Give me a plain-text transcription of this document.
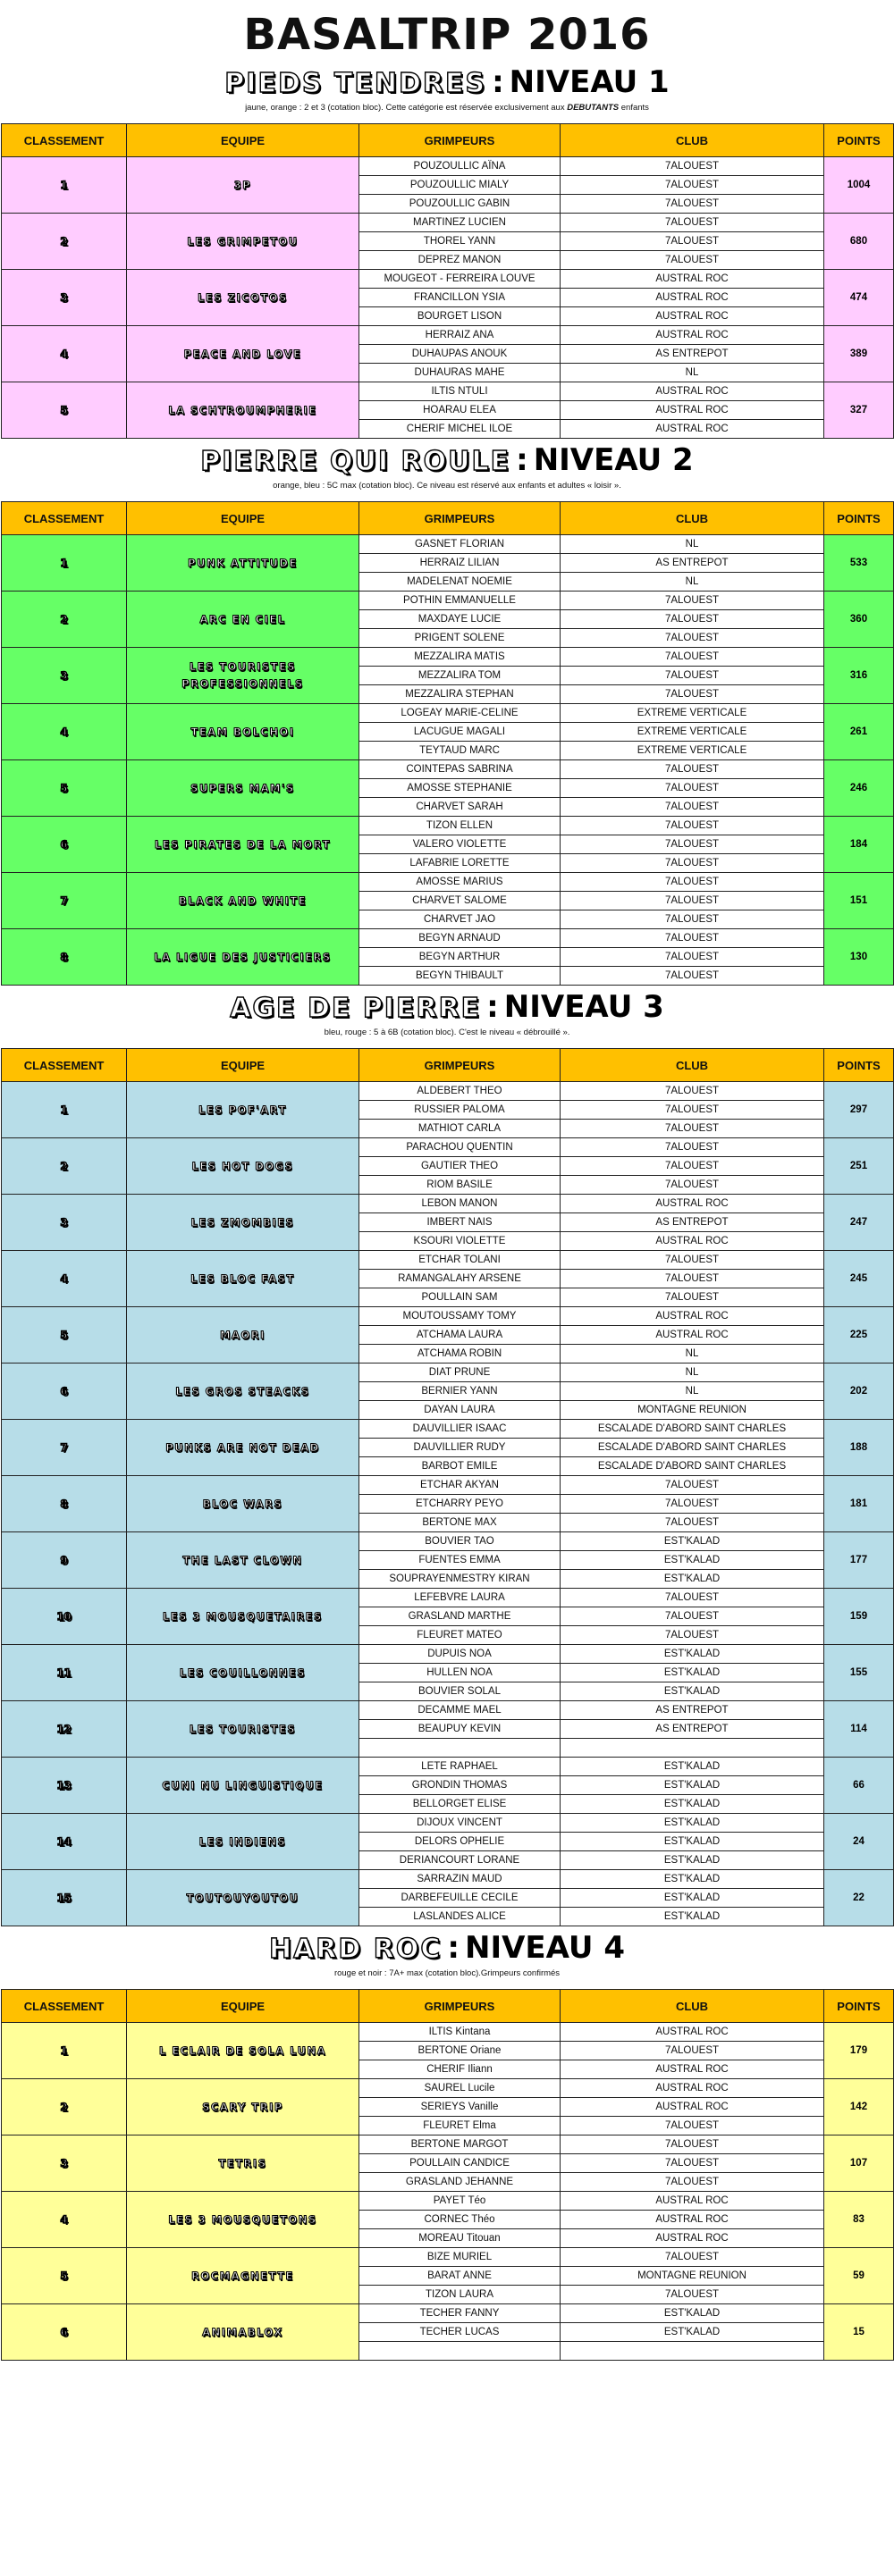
BASALTRIP 2016
PIEDS TENDRES : NIVEAU 1
jaune, orange : 2 et 3 (cotation bloc). Cette catégorie est réservée exclusivement aux DEBUTANTS enfants
CLASSEMENT	EQUIPE	GRIMPEURS	CLUB	POINTS
1	3P	POUZOULLIC AÏNA	7ALOUEST	1004
		POUZOULLIC MIALY	7ALOUEST	
		POUZOULLIC GABIN	7ALOUEST	
2	LES GRIMPETOU	MARTINEZ LUCIEN	7ALOUEST	680
		THOREL YANN	7ALOUEST	
		DEPREZ MANON	7ALOUEST	
3	LES ZICOTOS	MOUGEOT - FERREIRA LOUVE	AUSTRAL ROC	474
		FRANCILLON YSIA	AUSTRAL ROC	
		BOURGET LISON	AUSTRAL ROC	
4	PEACE AND LOVE	HERRAIZ ANA	AUSTRAL ROC	389
		DUHAUPAS ANOUK	AS ENTREPOT	
		DUHAURAS MAHE	NL	
5	LA SCHTROUMPHERIE	ILTIS NTULI	AUSTRAL ROC	327
		HOARAU ELEA	AUSTRAL ROC	
		CHERIF MICHEL ILOE	AUSTRAL ROC	
PIERRE QUI ROULE : NIVEAU 2
orange, bleu : 5C max (cotation bloc). Ce niveau est réservé aux enfants et adultes « loisir ».
CLASSEMENT	EQUIPE	GRIMPEURS	CLUB	POINTS
1	PUNK ATTITUDE	GASNET FLORIAN	NL	533
		HERRAIZ LILIAN	AS ENTREPOT	
		MADELENAT NOEMIE	NL	
2	ARC EN CIEL	POTHIN EMMANUELLE	7ALOUEST	360
		MAXDAYE LUCIE	7ALOUEST	
		PRIGENT SOLENE	7ALOUEST	
3	LES TOURISTES PROFESSIONNELS	MEZZALIRA MATIS	7ALOUEST	316
		MEZZALIRA TOM	7ALOUEST	
		MEZZALIRA STEPHAN	7ALOUEST	
4	TEAM BOLCHOI	LOGEAY MARIE-CELINE	EXTREME VERTICALE	261
		LACUGUE MAGALI	EXTREME VERTICALE	
		TEYTAUD MARC	EXTREME VERTICALE	
5	SUPERS MAM'S	COINTEPAS SABRINA	7ALOUEST	246
		AMOSSE STEPHANIE	7ALOUEST	
		CHARVET SARAH	7ALOUEST	
6	LES PIRATES DE LA MORT	TIZON ELLEN	7ALOUEST	184
		VALERO VIOLETTE	7ALOUEST	
		LAFABRIE LORETTE	7ALOUEST	
7	BLACK AND WHITE	AMOSSE MARIUS	7ALOUEST	151
		CHARVET SALOME	7ALOUEST	
		CHARVET JAO	7ALOUEST	
8	LA LIGUE DES JUSTICIERS	BEGYN ARNAUD	7ALOUEST	130
		BEGYN ARTHUR	7ALOUEST	
		BEGYN THIBAULT	7ALOUEST	
AGE DE PIERRE : NIVEAU 3
bleu, rouge : 5 à 6B (cotation bloc). C'est le niveau « débrouillé ».
CLASSEMENT	EQUIPE	GRIMPEURS	CLUB	POINTS
1	LES POF'ART	ALDEBERT THEO	7ALOUEST	297
		RUSSIER PALOMA	7ALOUEST	
		MATHIOT CARLA	7ALOUEST	
2	LES HOT DOGS	PARACHOU QUENTIN	7ALOUEST	251
		GAUTIER THEO	7ALOUEST	
		RIOM BASILE	7ALOUEST	
3	LES ZMOMBIES	LEBON MANON	AUSTRAL ROC	247
		IMBERT NAIS	AS ENTREPOT	
		KSOURI VIOLETTE	AUSTRAL ROC	
4	LES BLOC FAST	ETCHAR TOLANI	7ALOUEST	245
		RAMANGALAHY ARSENE	7ALOUEST	
		POULLAIN SAM	7ALOUEST	
5	MAORI	MOUTOUSSAMY TOMY	AUSTRAL ROC	225
		ATCHAMA LAURA	AUSTRAL ROC	
		ATCHAMA ROBIN	NL	
6	LES GROS STEACKS	DIAT PRUNE	NL	202
		BERNIER YANN	NL	
		DAYAN LAURA	MONTAGNE REUNION	
7	PUNKS ARE NOT DEAD	DAUVILLIER ISAAC	ESCALADE D'ABORD SAINT CHARLES	188
		DAUVILLIER RUDY	ESCALADE D'ABORD SAINT CHARLES	
		BARBOT EMILE	ESCALADE D'ABORD SAINT CHARLES	
8	BLOC WARS	ETCHAR AKYAN	7ALOUEST	181
		ETCHARRY PEYO	7ALOUEST	
		BERTONE MAX	7ALOUEST	
9	THE LAST CLOWN	BOUVIER TAO	EST'KALAD	177
		FUENTES EMMA	EST'KALAD	
		SOUPRAYENMESTRY KIRAN	EST'KALAD	
10	LES 3 MOUSQUETAIRES	LEFEBVRE LAURA	7ALOUEST	159
		GRASLAND MARTHE	7ALOUEST	
		FLEURET MATEO	7ALOUEST	
11	LES COUILLONNES	DUPUIS NOA	EST'KALAD	155
		HULLEN NOA	EST'KALAD	
		BOUVIER SOLAL	EST'KALAD	
12	LES TOURISTES	DECAMME MAEL	AS ENTREPOT	114
		BEAUPUY KEVIN	AS ENTREPOT	

13	CUNI NU LINGUISTIQUE	LETE RAPHAEL	EST'KALAD	66
		GRONDIN THOMAS	EST'KALAD	
		BELLORGET ELISE	EST'KALAD	
14	LES INDIENS	DIJOUX VINCENT	EST'KALAD	24
		DELORS OPHELIE	EST'KALAD	
		DERIANCOURT LORANE	EST'KALAD	
15	TOUTOUYOUTOU	SARRAZIN MAUD	EST'KALAD	22
		DARBEFEUILLE CECILE	EST'KALAD	
		LASLANDES ALICE	EST'KALAD	
HARD ROC : NIVEAU 4
rouge et noir : 7A+ max (cotation bloc).Grimpeurs confirmés
CLASSEMENT	EQUIPE	GRIMPEURS	CLUB	POINTS
1	L ECLAIR DE SOLA LUNA	ILTIS Kintana	AUSTRAL ROC	179
		BERTONE Oriane	7ALOUEST	
		CHERIF Iliann	AUSTRAL ROC	
2	SCARY TRIP	SAUREL Lucile	AUSTRAL ROC	142
		SERIEYS Vanille	AUSTRAL ROC	
		FLEURET Elma	7ALOUEST	
3	TETRIS	BERTONE MARGOT	7ALOUEST	107
		POULLAIN CANDICE	7ALOUEST	
		GRASLAND JEHANNE	7ALOUEST	
4	LES 3 MOUSQUETONS	PAYET Téo	AUSTRAL ROC	83
		CORNEC Théo	AUSTRAL ROC	
		MOREAU Titouan	AUSTRAL ROC	
5	ROCMAGNETTE	BIZE MURIEL	7ALOUEST	59
		BARAT ANNE	MONTAGNE REUNION	
		TIZON LAURA	7ALOUEST	
6	ANIMABLOX	TECHER FANNY	EST'KALAD	15
		TECHER LUCAS	EST'KALAD	
